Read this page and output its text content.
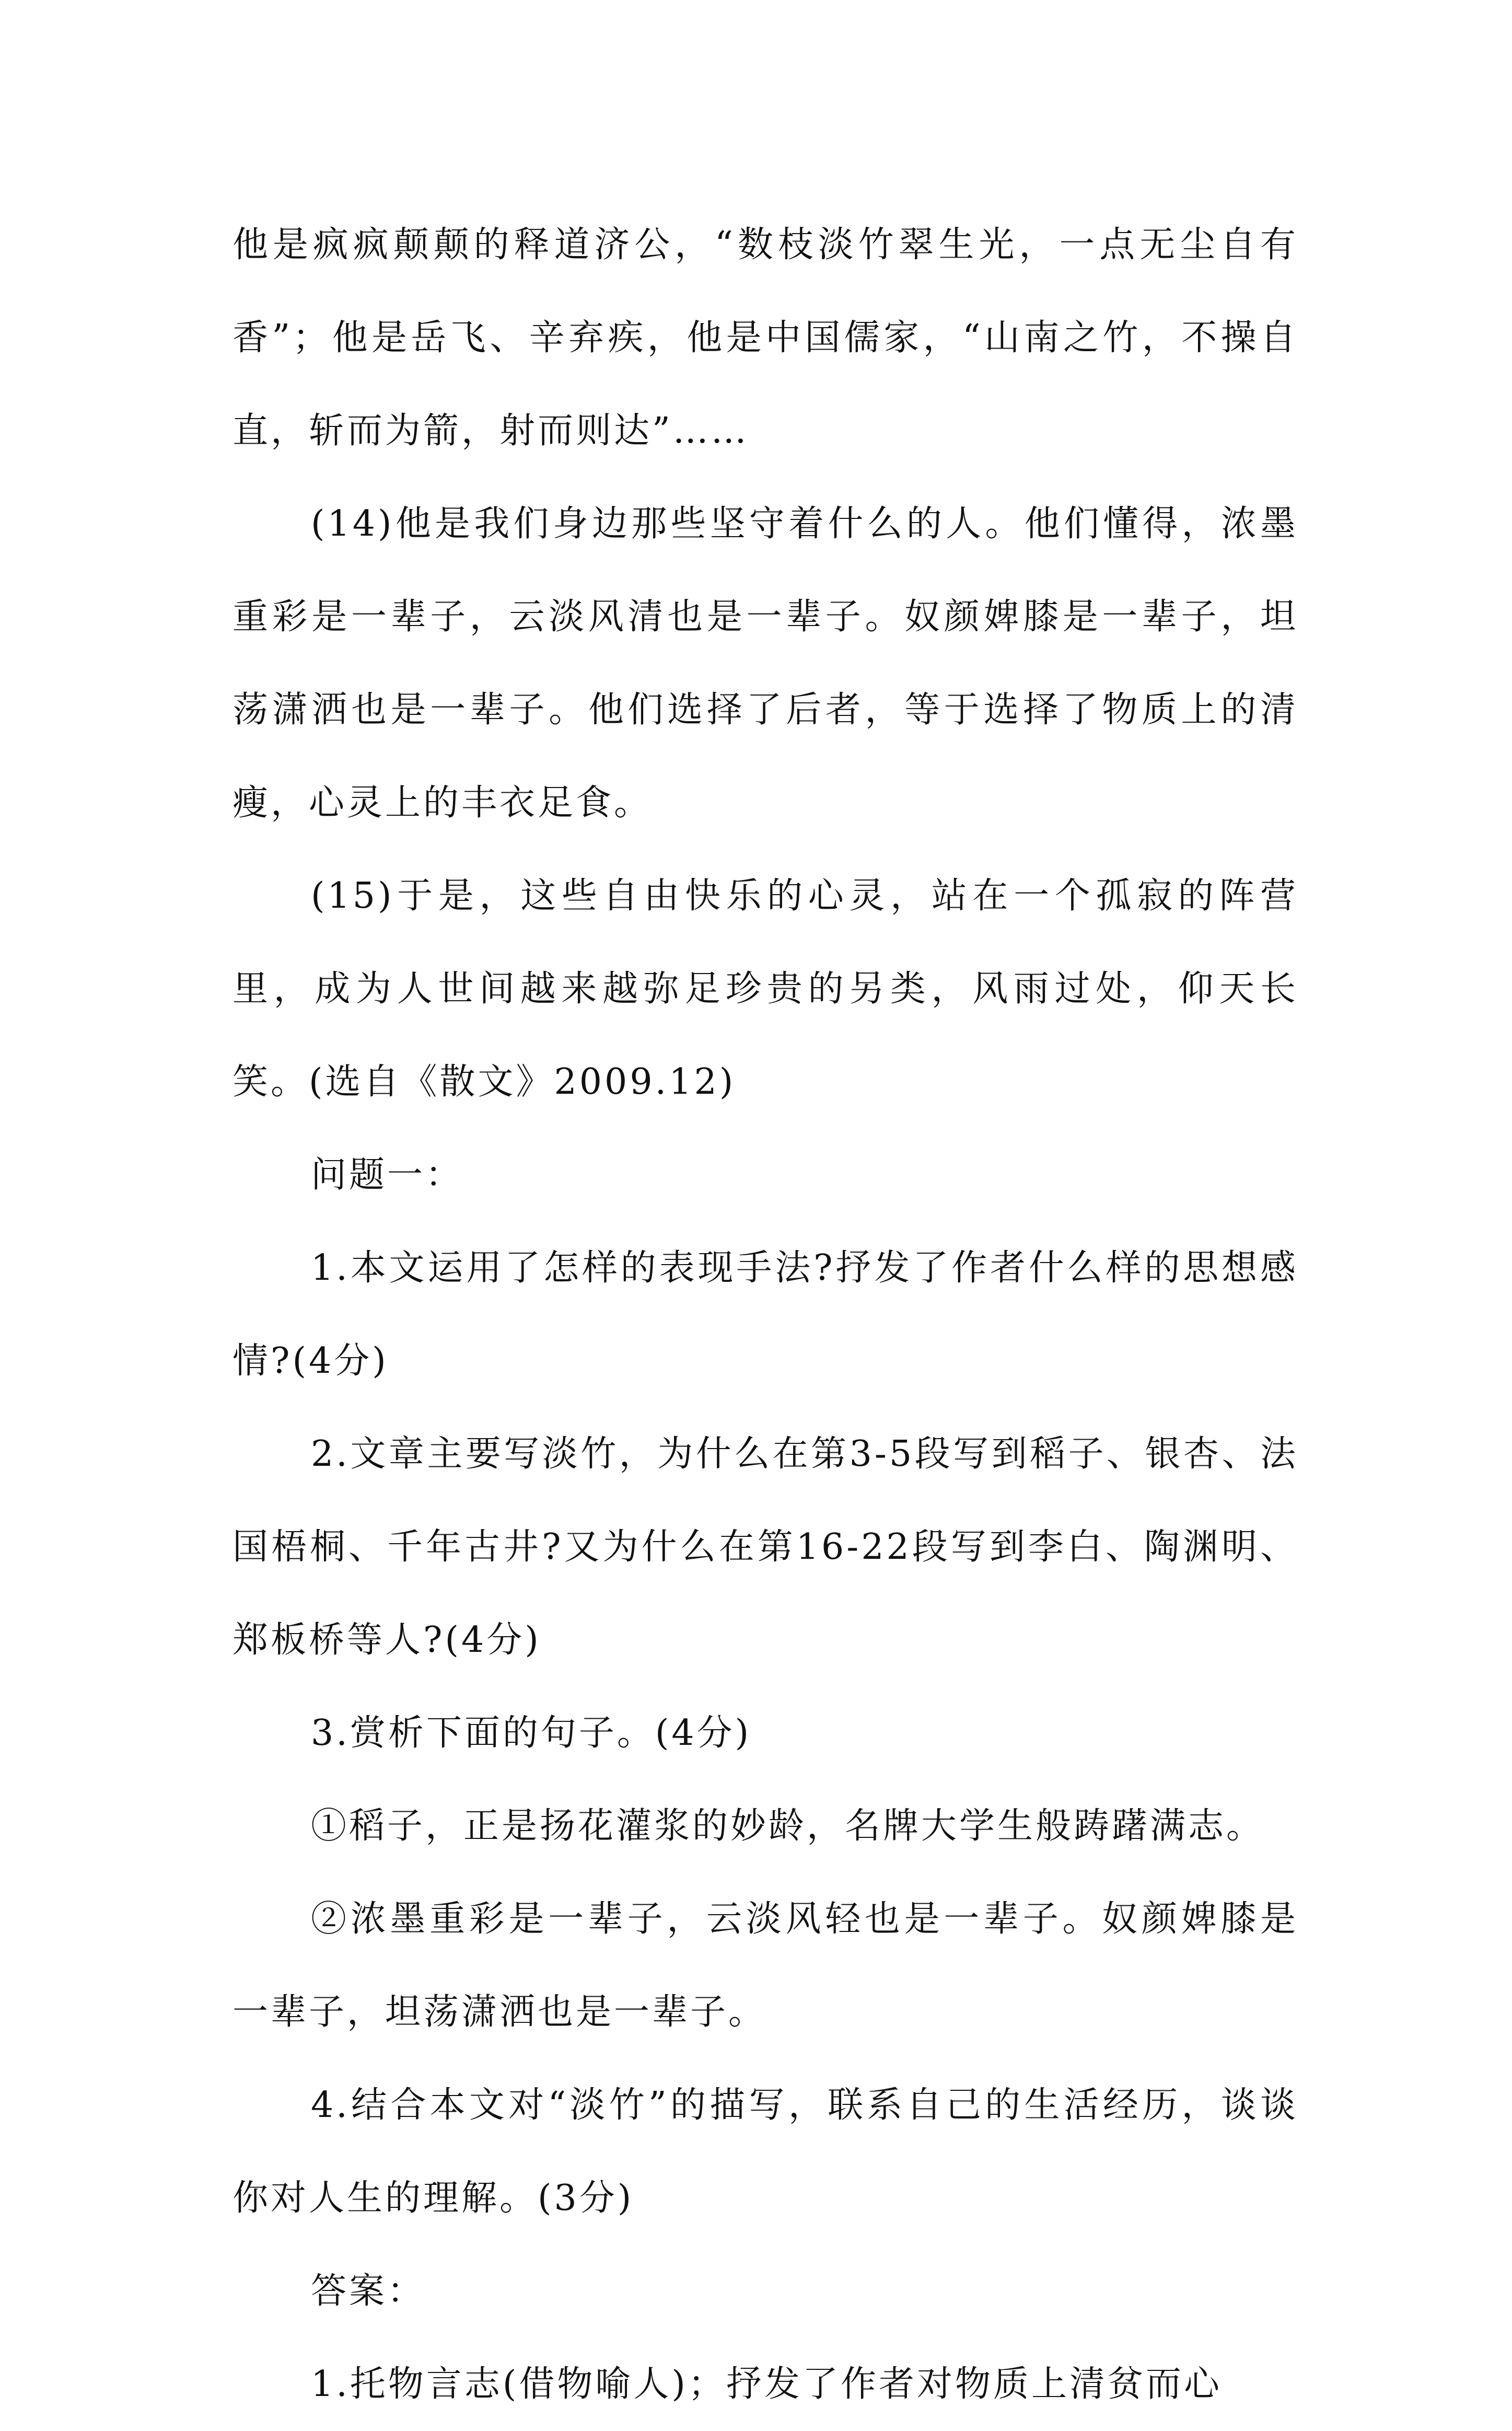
他是疯疯颠颠的释道济公，“数枝淡竹翠生光，一点无尘自有香”；他是岳飞、辛弃疾，他是中国儒家，“山南之竹，不操自直，斩而为箭，射而则达”……

(14)他是我们身边那些坚守着什么的人。他们懂得，浓墨重彩是一辈子，云淡风清也是一辈子。奴颜婢膝是一辈子，坦荡潇洒也是一辈子。他们选择了后者，等于选择了物质上的清瘦，心灵上的丰衣足食。

(15)于是，这些自由快乐的心灵，站在一个孤寂的阵营里，成为人世间越来越弥足珍贵的另类，风雨过处，仰天长笑。(选自《散文》2009.12)

问题一：

1.本文运用了怎样的表现手法?抒发了作者什么样的思想感情?(4分)

2.文章主要写淡竹，为什么在第3-5段写到稻子、银杏、法国梧桐、千年古井?又为什么在第16-22段写到李白、陶渊明、郑板桥等人?(4分)

3.赏析下面的句子。(4分)

①稻子，正是扬花灌浆的妙龄，名牌大学生般踌躇满志。

②浓墨重彩是一辈子，云淡风轻也是一辈子。奴颜婢膝是一辈子，坦荡潇洒也是一辈子。

4.结合本文对“淡竹”的描写，联系自己的生活经历，谈谈你对人生的理解。(3分)

答案：

1.托物言志(借物喻人)；抒发了作者对物质上清贫而心
